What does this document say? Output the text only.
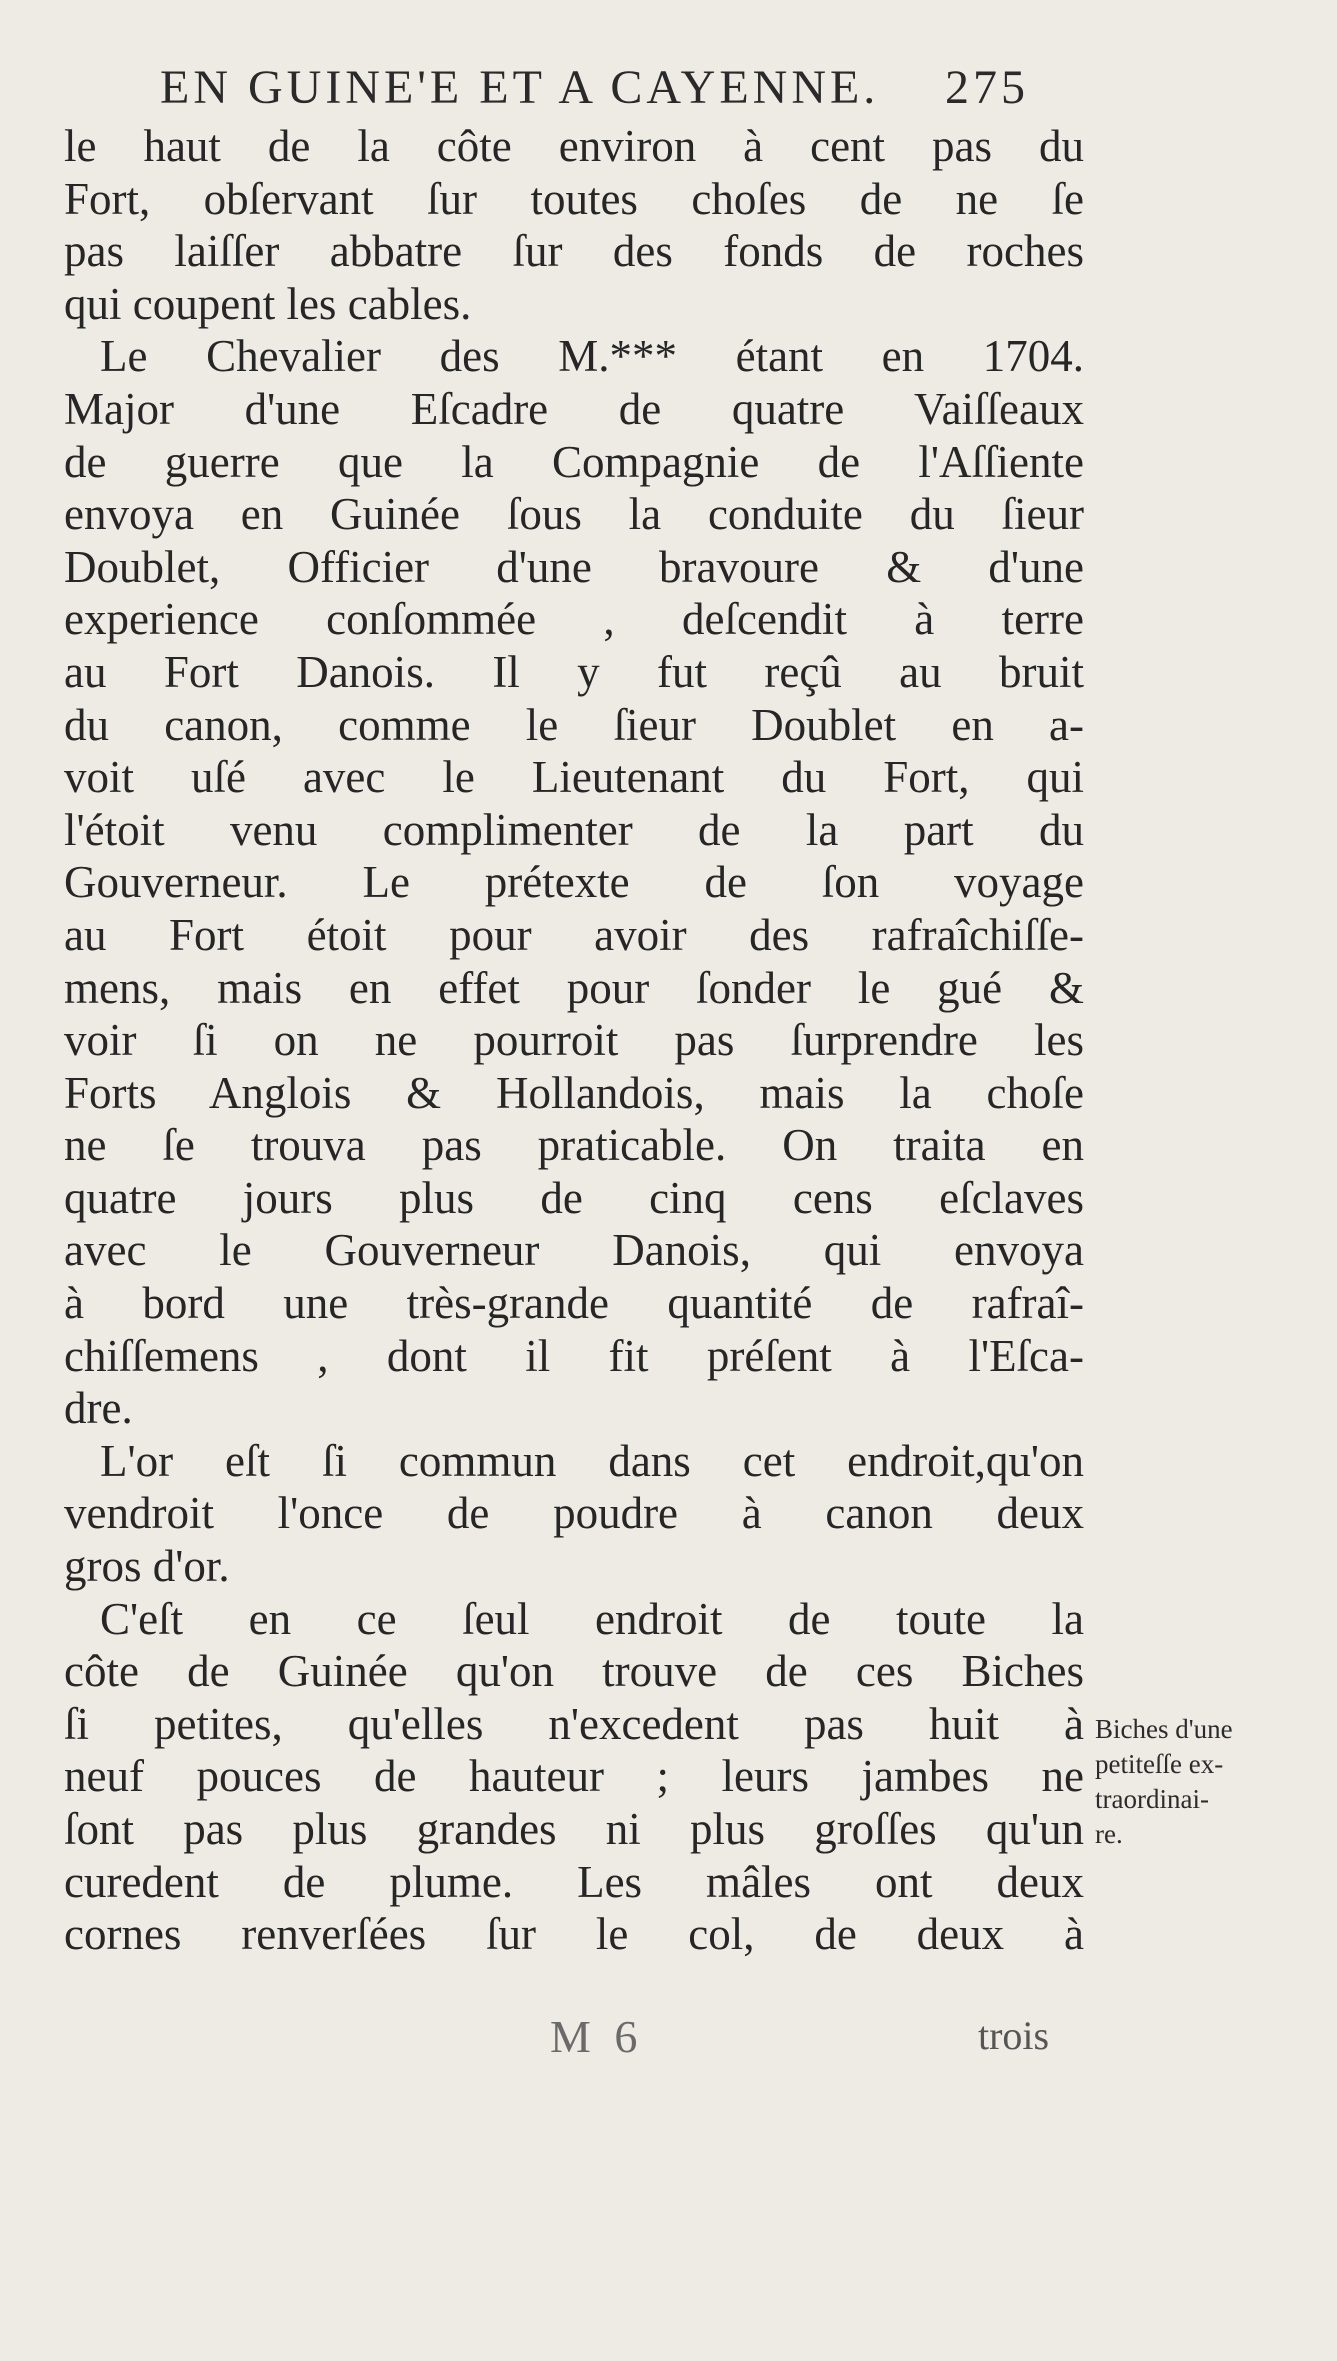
EN GUINE'E ET A CAYENNE. 275
le haut de la côte environ à cent pas du
Fort, obſervant ſur toutes choſes de ne ſe
pas laiſſer abbatre ſur des fonds de roches
qui coupent les cables.
Le Chevalier des M.*** étant en 1704.
Major d'une Eſcadre de quatre Vaiſſeaux
de guerre que la Compagnie de l'Aſſiente
envoya en Guinée ſous la conduite du ſieur
Doublet, Officier d'une bravoure & d'une
experience conſommée , deſcendit à terre
au Fort Danois. Il y fut reçû au bruit
du canon, comme le ſieur Doublet en a-
voit uſé avec le Lieutenant du Fort, qui
l'étoit venu complimenter de la part du
Gouverneur. Le prétexte de ſon voyage
au Fort étoit pour avoir des rafraîchiſſe-
mens, mais en effet pour ſonder le gué &
voir ſi on ne pourroit pas ſurprendre les
Forts Anglois & Hollandois, mais la choſe
ne ſe trouva pas praticable. On traita en
quatre jours plus de cinq cens eſclaves
avec le Gouverneur Danois, qui envoya
à bord une très-grande quantité de rafraî-
chiſſemens , dont il fit préſent à l'Eſca-
dre.
L'or eſt ſi commun dans cet endroit,qu'on
vendroit l'once de poudre à canon deux
gros d'or.
C'eſt en ce ſeul endroit de toute la
côte de Guinée qu'on trouve de ces Biches
ſi petites, qu'elles n'excedent pas huit à
neuf pouces de hauteur ; leurs jambes ne
ſont pas plus grandes ni plus groſſes qu'un
curedent de plume. Les mâles ont deux
cornes renverſées ſur le col, de deux à
Biches d'une
petiteſſe ex-
traordinai-
re.
M 6	trois
